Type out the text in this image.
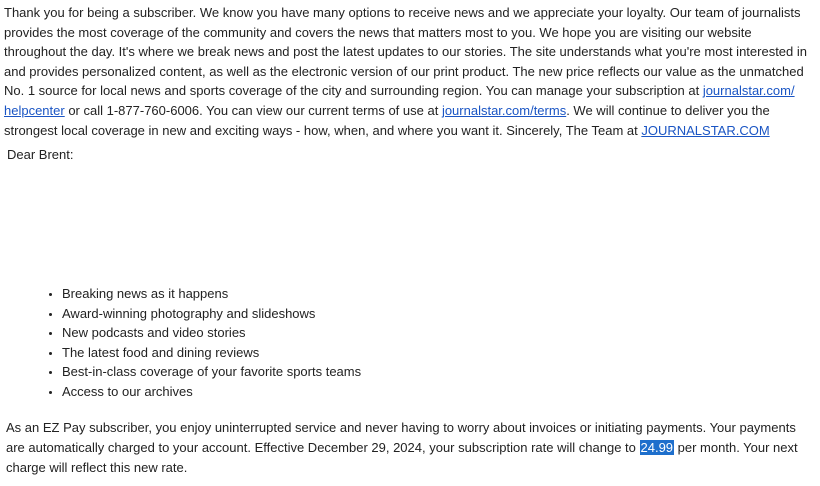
Thank you for being a subscriber. We know you have many options to receive news and we appreciate your loyalty. Our team of journalists provides the most coverage of the community and covers the news that matters most to you. We hope you are visiting our website throughout the day. It's where we break news and post the latest updates to our stories. The site understands what you're most interested in and provides personalized content, as well as the electronic version of our print product. The new price reflects our value as the unmatched No. 1 source for local news and sports coverage of the city and surrounding region. You can manage your subscription at journalstar.com/ helpcenter or call 1-877-760-6006. You can view our current terms of use at journalstar.com/terms. We will continue to deliver you the strongest local coverage in new and exciting ways - how, when, and where you want it. Sincerely, The Team at JOURNALSTAR.COM

Dear Brent:

• Breaking news as it happens
• Award-winning photography and slideshows
• New podcasts and video stories
• The latest food and dining reviews
• Best-in-class coverage of your favorite sports teams
• Access to our archives

As an EZ Pay subscriber, you enjoy uninterrupted service and never having to worry about invoices or initiating payments. Your payments are automatically charged to your account. Effective December 29, 2024, your subscription rate will change to 24.99 per month. Your next charge will reflect this new rate.
